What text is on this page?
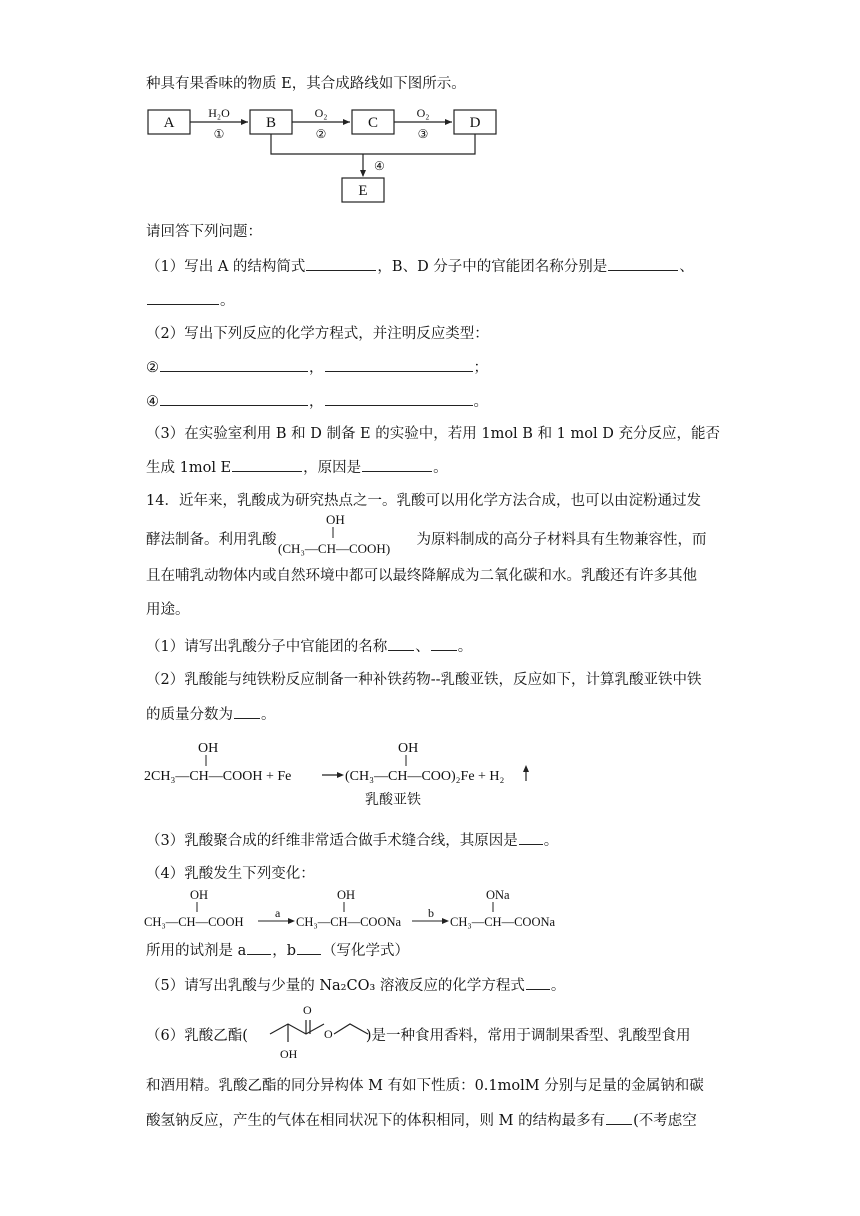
种具有果香味的物质 E，其合成路线如下图所示。
A	B	C	D
E
H₂O	O₂	O₂
①	②	③
④
请回答下列问题：
（1）写出 A 的结构简式	，B、D 分子中的官能团名称分别是	、
。
（2）写出下列反应的化学方程式，并注明反应类型：
②	，	；
④	，	。
（3）在实验室利用 B 和 D 制备 E 的实验中，若用 1mol B 和 1 mol D 充分反应，能否
生成 1mol E	，原因是	。
14．近年来，乳酸成为研究热点之一。乳酸可以用化学方法合成，也可以由淀粉通过发
酵法制备。利用乳酸	为原料制成的高分子材料具有生物兼容性，而
OH
(CH₃—CH—COOH)
且在哺乳动物体内或自然环境中都可以最终降解成为二氧化碳和水。乳酸还有许多其他
用途。
（1）请写出乳酸分子中官能团的名称 、 。
（2）乳酸能与纯铁粉反应制备一种补铁药物--乳酸亚铁，反应如下，计算乳酸亚铁中铁
的质量分数为 。
OH
2CH₃—CH—COOH + Fe
OH
(CH₃—CH—COO)₂Fe + H₂
乳酸亚铁
（3）乳酸聚合成的纤维非常适合做手术缝合线，其原因是 。
（4）乳酸发生下列变化：
OH
CH₃—CH—COOH
a
OH
CH₃—CH—COONa
b
ONa
CH₃—CH—COONa
所用的试剂是 a ，b （写化学式）
（5）请写出乳酸与少量的 Na₂CO₃ 溶液反应的化学方程式 。
（6）乳酸乙酯(	)是一种食用香料，常用于调制果香型、乳酸型食用
O
O
OH
和酒用精。乳酸乙酯的同分异构体 M 有如下性质：0.1molM 分别与足量的金属钠和碳
酸氢钠反应，产生的气体在相同状况下的体积相同，则 M 的结构最多有 (不考虑空
